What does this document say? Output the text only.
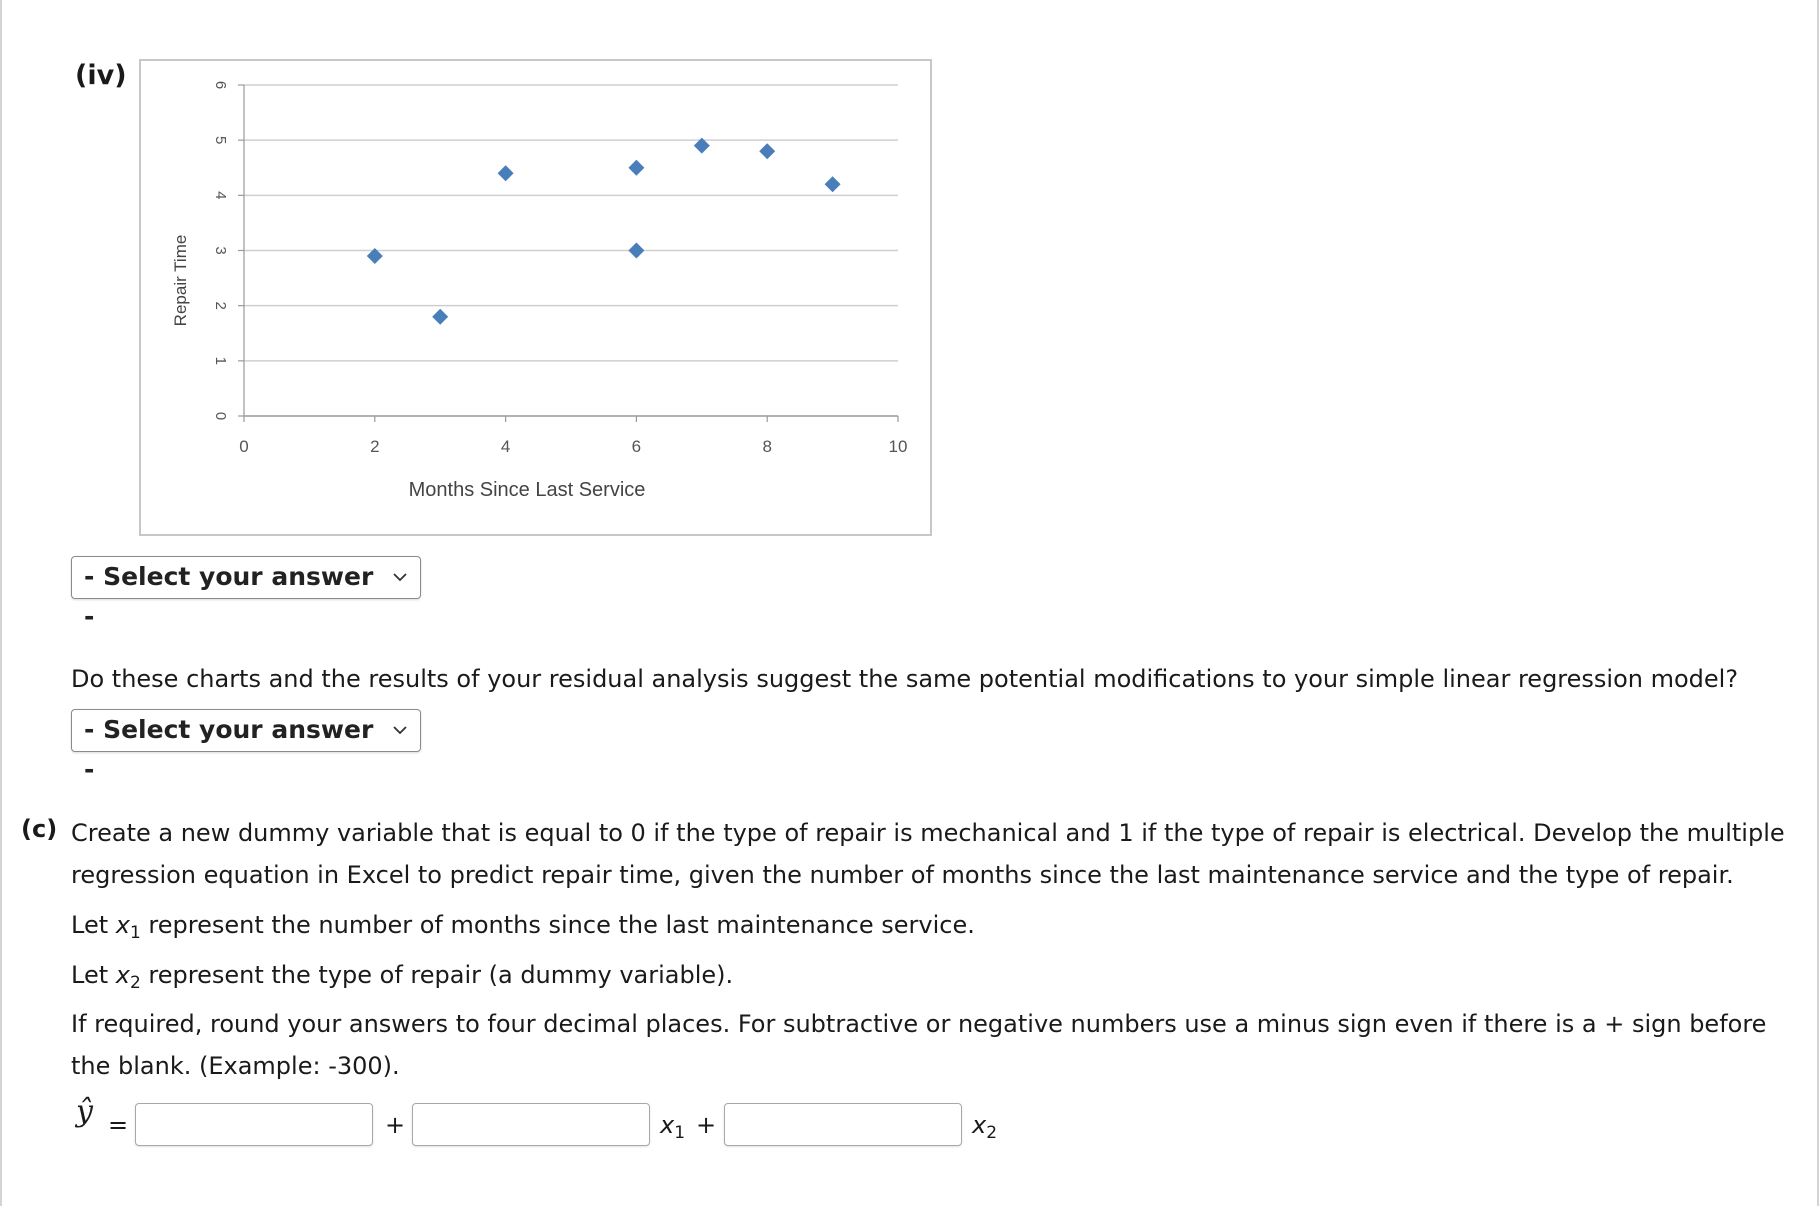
(iv)
0
1
2
3
4
5
6
0	2	4	6	8	10
Months Since Last Service
Repair Time
- Select your answer -
Do these charts and the results of your residual analysis suggest the same potential modifications to your simple linear regression model?
- Select your answer -
(c) Create a new dummy variable that is equal to 0 if the type of repair is mechanical and 1 if the type of repair is electrical. Develop the multiple
regression equation in Excel to predict repair time, given the number of months since the last maintenance service and the type of repair.
Let $x_1$ represent the number of months since the last maintenance service.
Let $x_2$ represent the type of repair (a dummy variable).
If required, round your answers to four decimal places. For subtractive or negative numbers use a minus sign even if there is a + sign before
the blank. (Example: -300).
ŷ =	+	$x_1$ +	$x_2$
